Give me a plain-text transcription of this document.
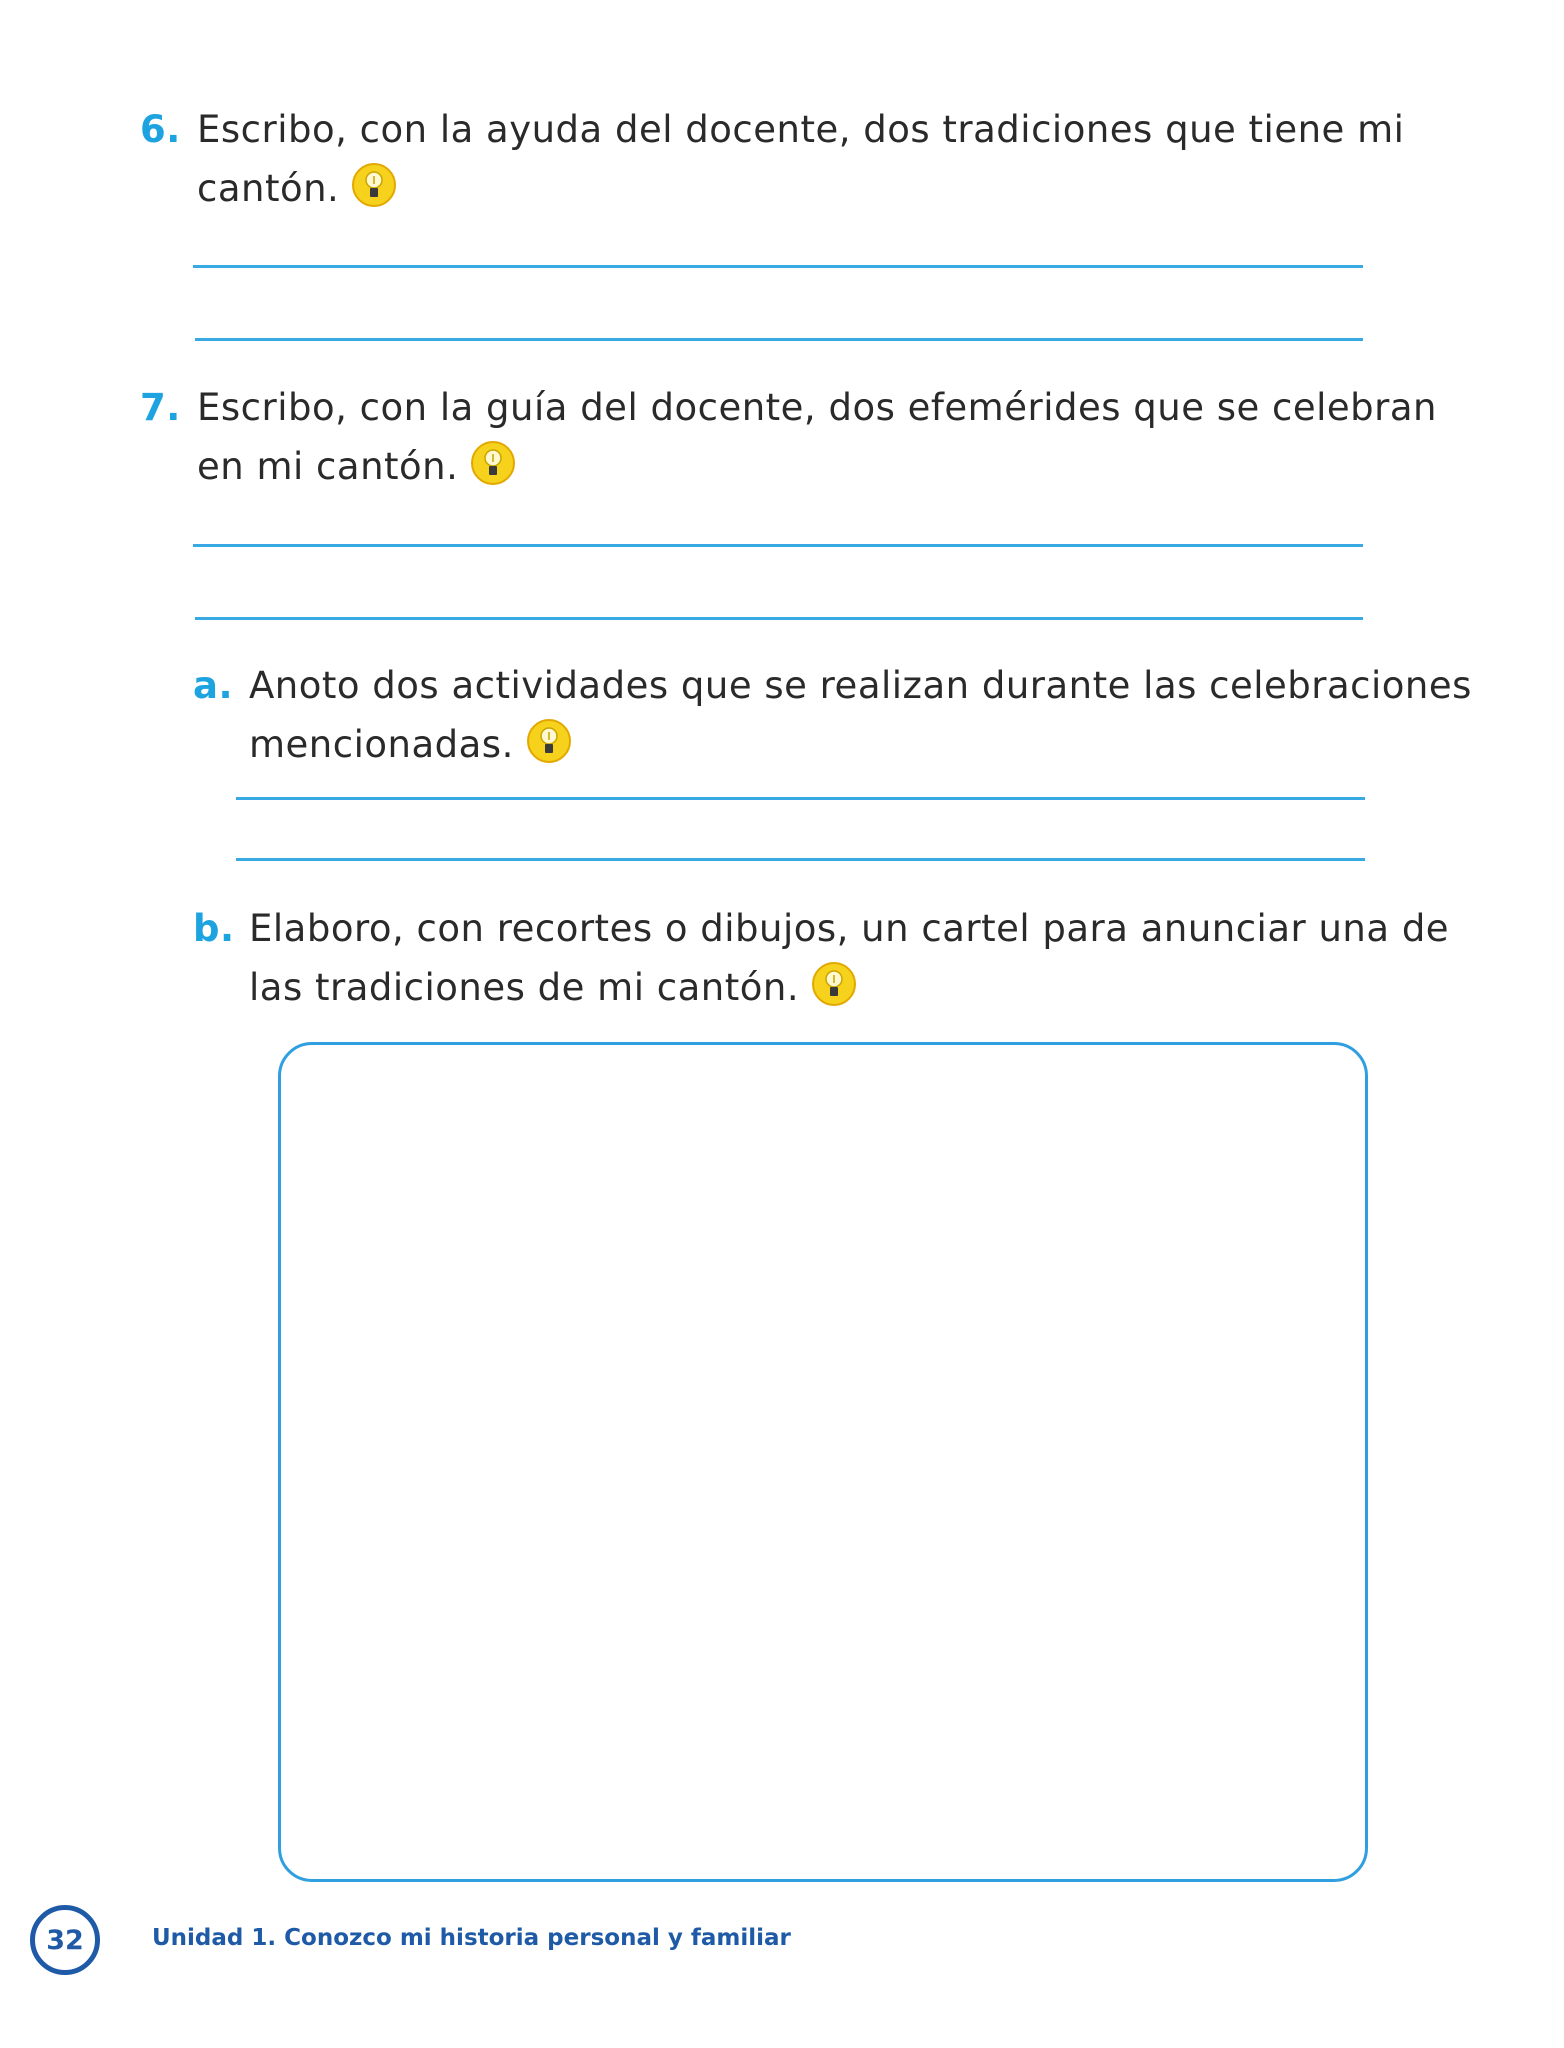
6. Escribo, con la ayuda del docente, dos tradiciones que tiene mi
cantón.
7. Escribo, con la guía del docente, dos efemérides que se celebran
en mi cantón.
a. Anoto dos actividades que se realizan durante las celebraciones
mencionadas.
b. Elaboro, con recortes o dibujos, un cartel para anunciar una de
las tradiciones de mi cantón.
32	Unidad 1. Conozco mi historia personal y familiar
